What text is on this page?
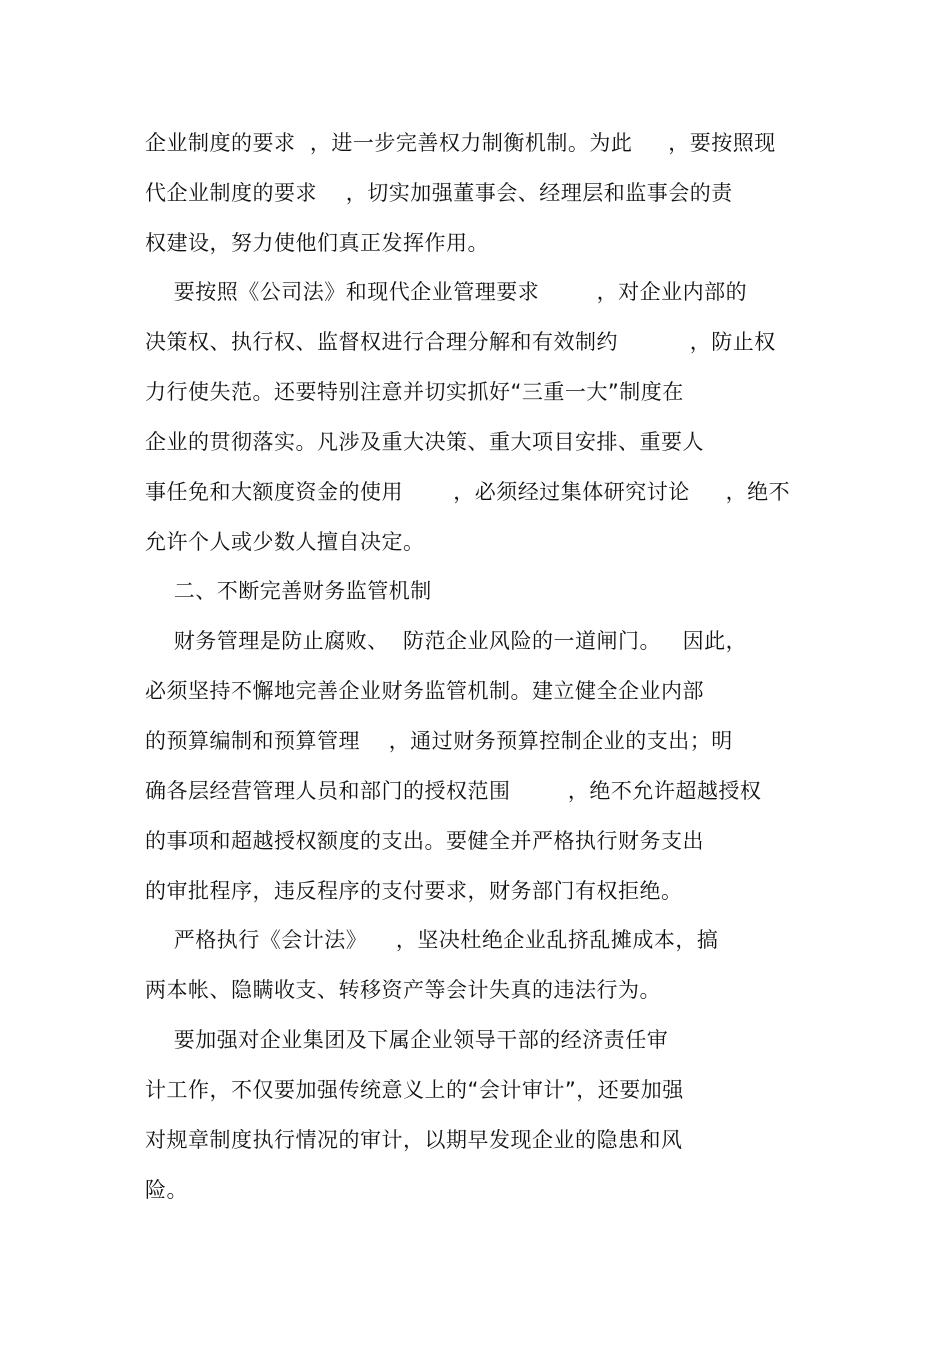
企业制度的要求  ，进一步完善权力制衡机制。为此     ，要按照现
代企业制度的要求    ，切实加强董事会、经理层和监事会的责
权建设，努力使他们真正发挥作用。
要按照《公司法》和现代企业管理要求        ，对企业内部的
决策权、执行权、监督权进行合理分解和有效制约          ，防止权
力行使失范。还要特别注意并切实抓好“三重一大”制度在
企业的贯彻落实。凡涉及重大决策、重大项目安排、重要人
事任免和大额度资金的使用       ，必须经过集体研究讨论     ，绝不
允许个人或少数人擅自决定。
二、不断完善财务监管机制
财务管理是防止腐败、  防范企业风险的一道闸门。   因此，
必须坚持不懈地完善企业财务监管机制。建立健全企业内部
的预算编制和预算管理    ，通过财务预算控制企业的支出；明
确各层经营管理人员和部门的授权范围        ，绝不允许超越授权
的事项和超越授权额度的支出。要健全并严格执行财务支出
的审批程序，违反程序的支付要求，财务部门有权拒绝。
严格执行《会计法》    ，坚决杜绝企业乱挤乱摊成本，搞
两本帐、隐瞒收支、转移资产等会计失真的违法行为。
要加强对企业集团及下属企业领导干部的经济责任审
计工作，不仅要加强传统意义上的“会计审计”，还要加强
对规章制度执行情况的审计，以期早发现企业的隐患和风
险。
